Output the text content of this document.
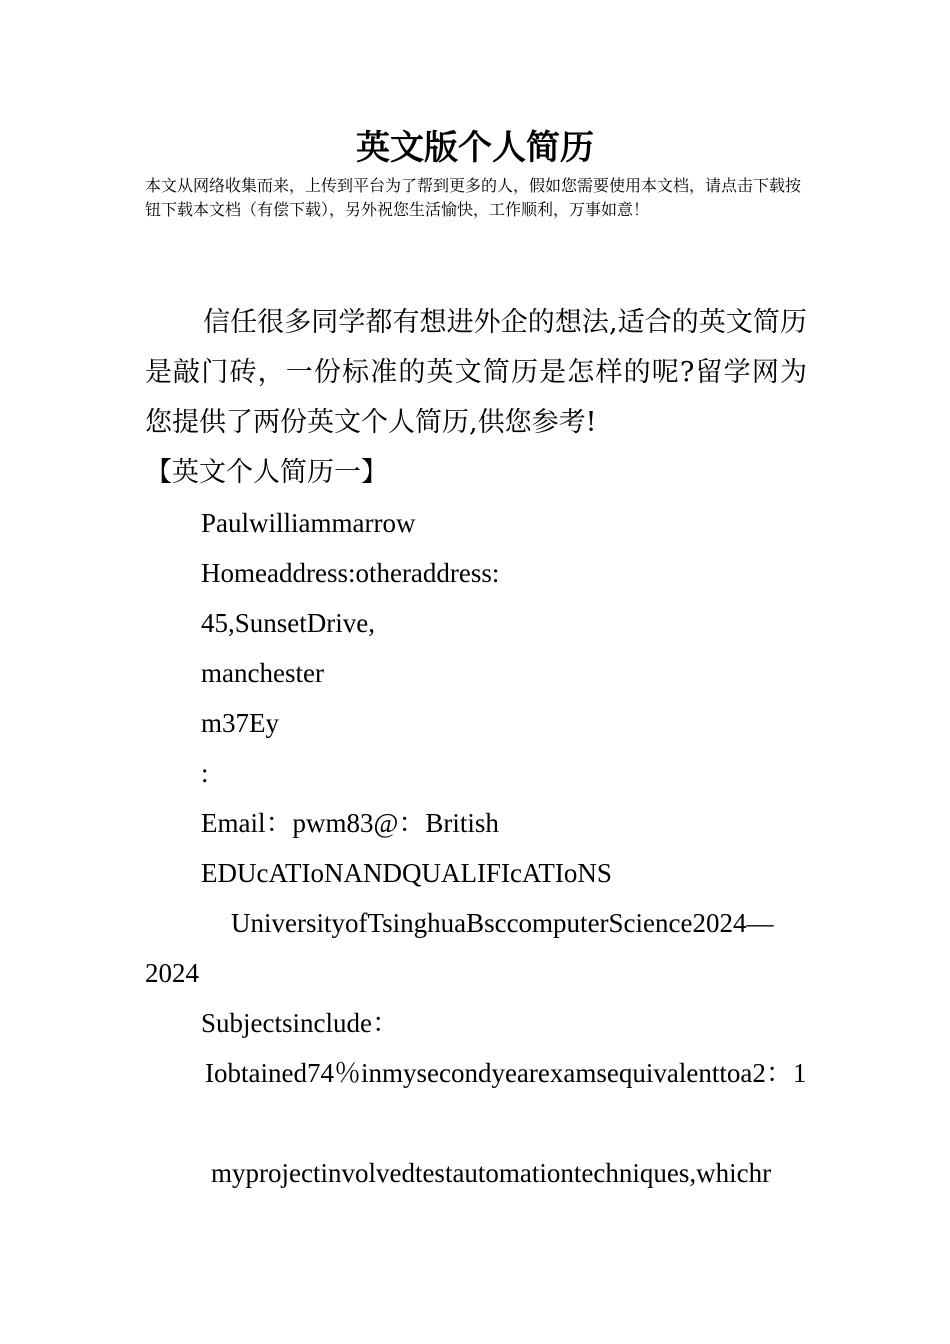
英文版个人简历

本文从网络收集而来，上传到平台为了帮到更多的人，假如您需要使用本文档，请点击下载按钮下载本文档（有偿下载），另外祝您生活愉快，工作顺利，万事如意！

信任很多同学都有想进外企的想法,适合的英文简历是敲门砖，一份标准的英文简历是怎样的呢?留学网为您提供了两份英文个人简历,供您参考!

【英文个人简历一】

Paulwilliammarrow

Homeaddress:otheraddress:

45,SunsetDrive,

manchester

m37Ey

:

Email：pwm83@：British

EDUcATIoNANDQUALIFIcATIoNS

UniversityofTsinghuaBsccomputerScience2024—2024

Subjectsinclude：

Iobtained74％inmysecondyearexamsequivalenttoa2：1

myprojectinvolvedtestautomationtechniques,whichr
